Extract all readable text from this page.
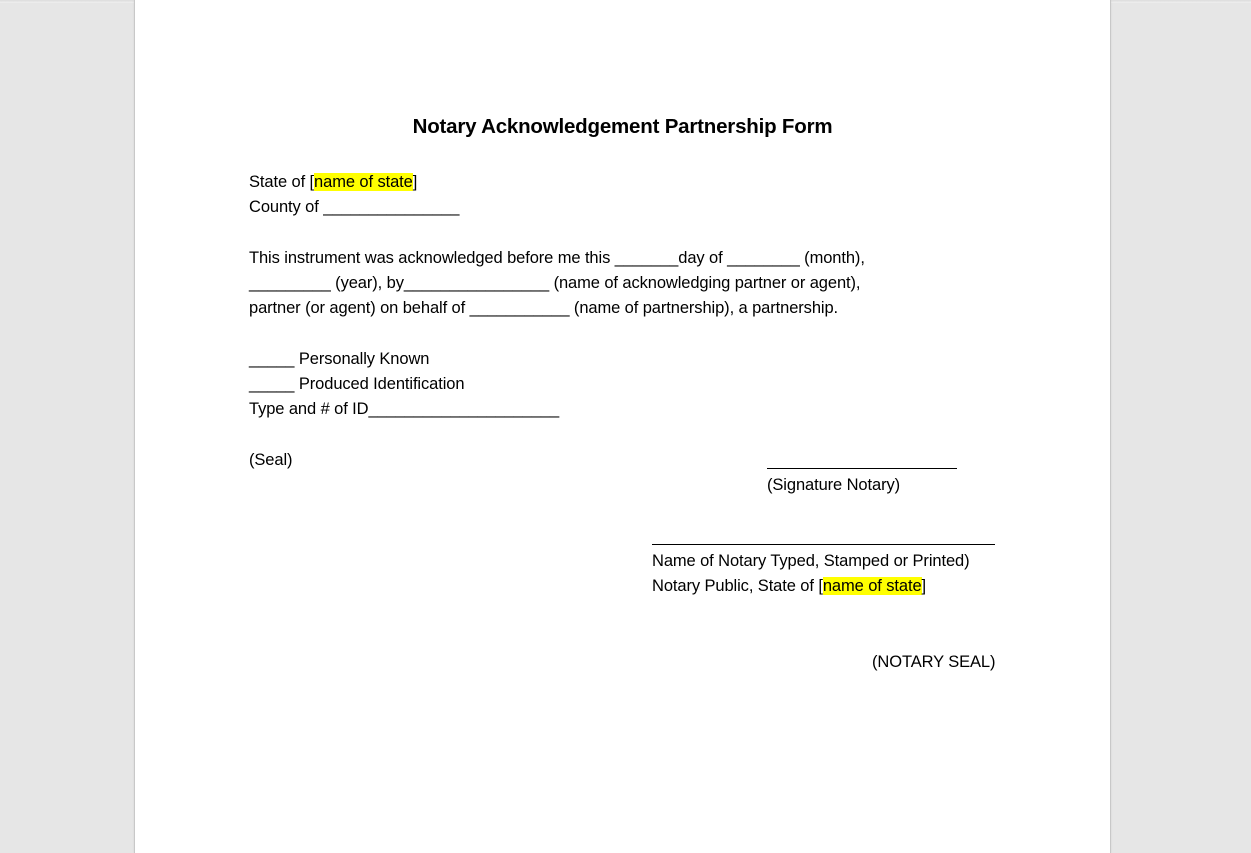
Notary Acknowledgement Partnership Form
State of [name of state]
County of _______________
This instrument was acknowledged before me this _______day of ________ (month),
_________ (year), by________________ (name of acknowledging partner or agent),
partner (or agent) on behalf of ___________ (name of partnership), a partnership.
_____ Personally Known
_____ Produced Identification
Type and # of ID_____________________
(Seal)
(Signature Notary)
Name of Notary Typed, Stamped or Printed)
Notary Public, State of [name of state]
(NOTARY SEAL)
